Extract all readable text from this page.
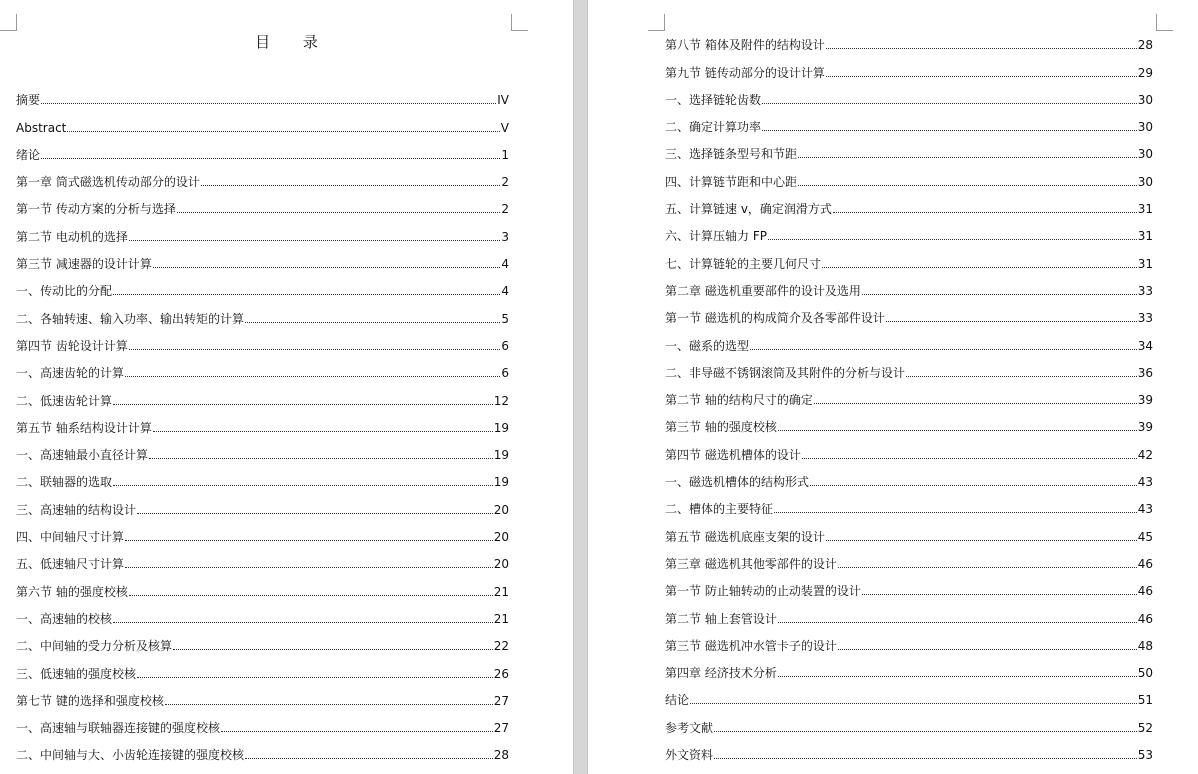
目 录
摘要	IV
Abstract	V
绪论	1
第一章 筒式磁选机传动部分的设计	2
第一节 传动方案的分析与选择	2
第二节 电动机的选择	3
第三节 减速器的设计计算	4
一、传动比的分配	4
二、各轴转速、输入功率、输出转矩的计算	5
第四节 齿轮设计计算	6
一、高速齿轮的计算	6
二、低速齿轮计算	12
第五节 轴系结构设计计算	19
一、高速轴最小直径计算	19
二、联轴器的选取	19
三、高速轴的结构设计	20
四、中间轴尺寸计算	20
五、低速轴尺寸计算	20
第六节 轴的强度校核	21
一、高速轴的校核	21
二、中间轴的受力分析及核算	22
三、低速轴的强度校核	26
第七节 键的选择和强度校核	27
一、高速轴与联轴器连接键的强度校核	27
二、中间轴与大、小齿轮连接键的强度校核	28
第八节 箱体及附件的结构设计	28
第九节 链传动部分的设计计算	29
一、选择链轮齿数	30
二、确定计算功率	30
三、选择链条型号和节距	30
四、计算链节距和中心距	30
五、计算链速 v，确定润滑方式	31
六、计算压轴力 FP	31
七、计算链轮的主要几何尺寸	31
第二章 磁选机重要部件的设计及选用	33
第一节 磁选机的构成简介及各零部件设计	33
一、磁系的选型	34
二、非导磁不锈钢滚筒及其附件的分析与设计	36
第二节 轴的结构尺寸的确定	39
第三节 轴的强度校核	39
第四节 磁选机槽体的设计	42
一、磁选机槽体的结构形式	43
二、槽体的主要特征	43
第五节 磁选机底座支架的设计	45
第三章 磁选机其他零部件的设计	46
第一节 防止轴转动的止动装置的设计	46
第二节 轴上套管设计	46
第三节 磁选机冲水管卡子的设计	48
第四章 经济技术分析	50
结论	51
参考文献	52
外文资料	53
